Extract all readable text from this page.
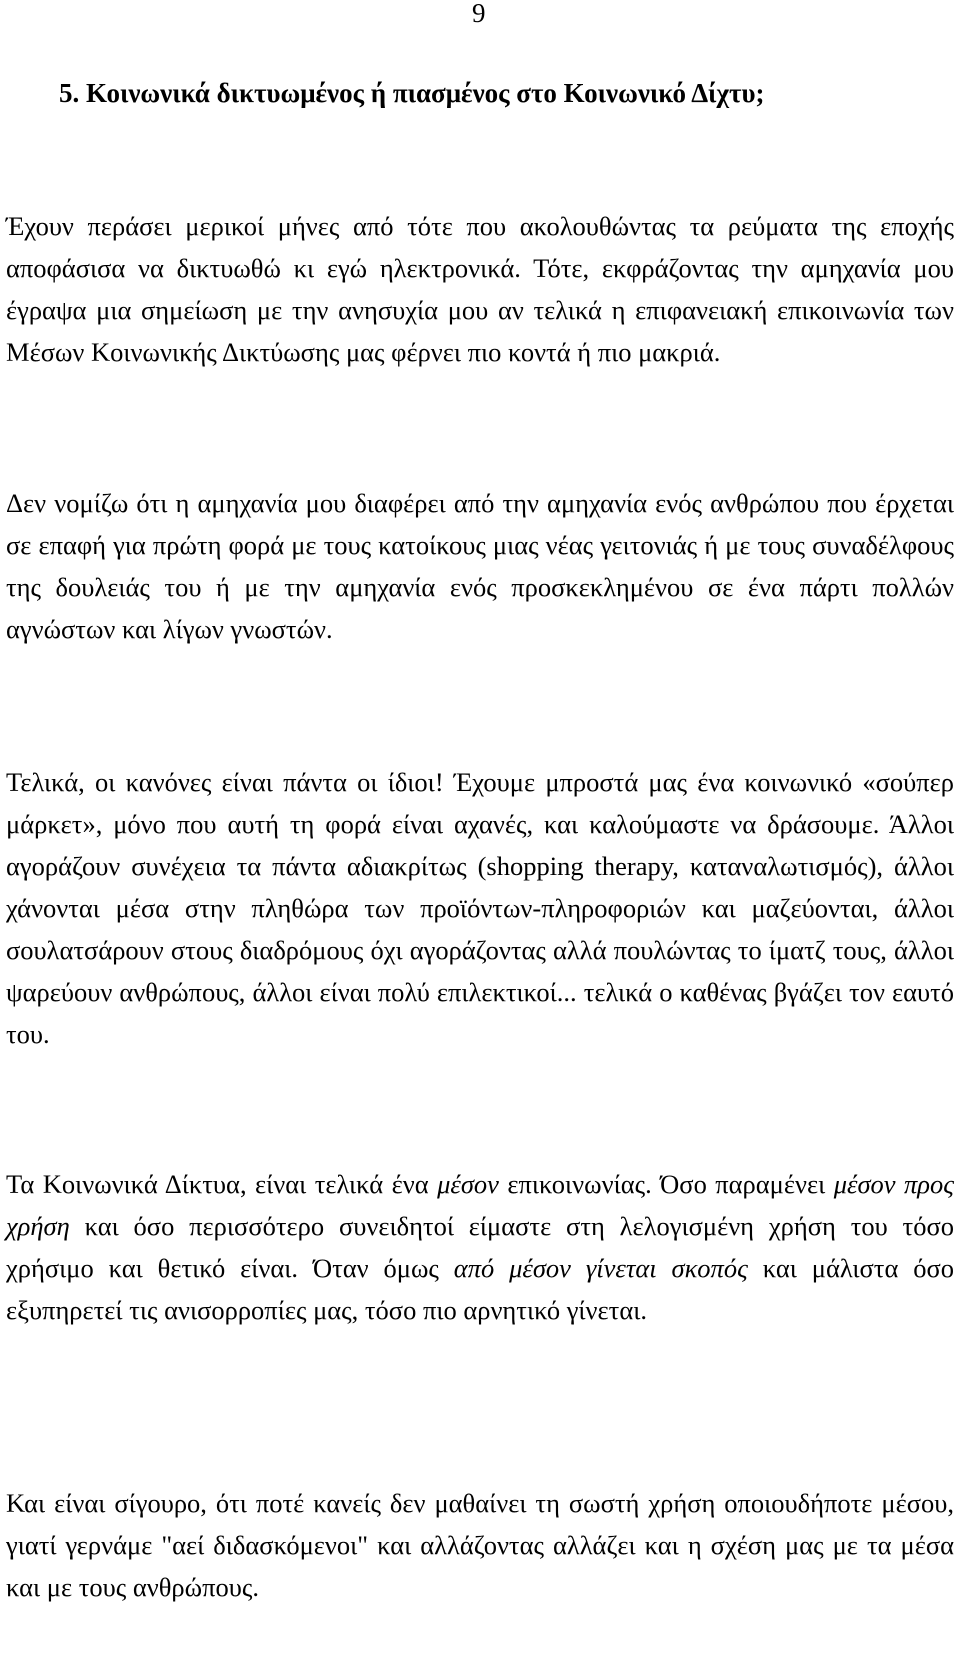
9
5. Κοινωνικά δικτυωμένος ή πιασμένος στο Κοινωνικό Δίχτυ;

Έχουν περάσει μερικοί μήνες από τότε που ακολουθώντας τα ρεύματα της εποχής αποφάσισα να δικτυωθώ κι εγώ ηλεκτρονικά. Τότε, εκφράζοντας την αμηχανία μου έγραψα μια σημείωση με την ανησυχία μου αν τελικά η επιφανειακή επικοινωνία των Μέσων Κοινωνικής Δικτύωσης μας φέρνει πιο κοντά ή πιο μακριά.

Δεν νομίζω ότι η αμηχανία μου διαφέρει από την αμηχανία ενός ανθρώπου που έρχεται σε επαφή για πρώτη φορά με τους κατοίκους μιας νέας γειτονιάς ή με τους συναδέλφους της δουλειάς του ή με την αμηχανία ενός προσκεκλημένου σε ένα πάρτι πολλών αγνώστων και λίγων γνωστών.

Τελικά, οι κανόνες είναι πάντα οι ίδιοι! Έχουμε μπροστά μας ένα κοινωνικό «σούπερ μάρκετ», μόνο που αυτή τη φορά είναι αχανές, και καλούμαστε να δράσουμε. Άλλοι αγοράζουν συνέχεια τα πάντα αδιακρίτως (shopping therapy, καταναλωτισμός), άλλοι χάνονται μέσα στην πληθώρα των προϊόντων-πληροφοριών και μαζεύονται, άλλοι σουλατσάρουν στους διαδρόμους όχι αγοράζοντας αλλά πουλώντας το ίματζ τους, άλλοι ψαρεύουν ανθρώπους, άλλοι είναι πολύ επιλεκτικοί... τελικά ο καθένας βγάζει τον εαυτό του.

Τα Κοινωνικά Δίκτυα, είναι τελικά ένα μέσον επικοινωνίας. Όσο παραμένει μέσον προς χρήση και όσο περισσότερο συνειδητοί είμαστε στη λελογισμένη χρήση του τόσο χρήσιμο και θετικό είναι. Όταν όμως από μέσον γίνεται σκοπός και μάλιστα όσο εξυπηρετεί τις ανισορροπίες μας, τόσο πιο αρνητικό γίνεται.

Και είναι σίγουρο, ότι ποτέ κανείς δεν μαθαίνει τη σωστή χρήση οποιουδήποτε μέσου, γιατί γερνάμε "αεί διδασκόμενοι" και αλλάζοντας αλλάζει και η σχέση μας με τα μέσα και με τους ανθρώπους.
